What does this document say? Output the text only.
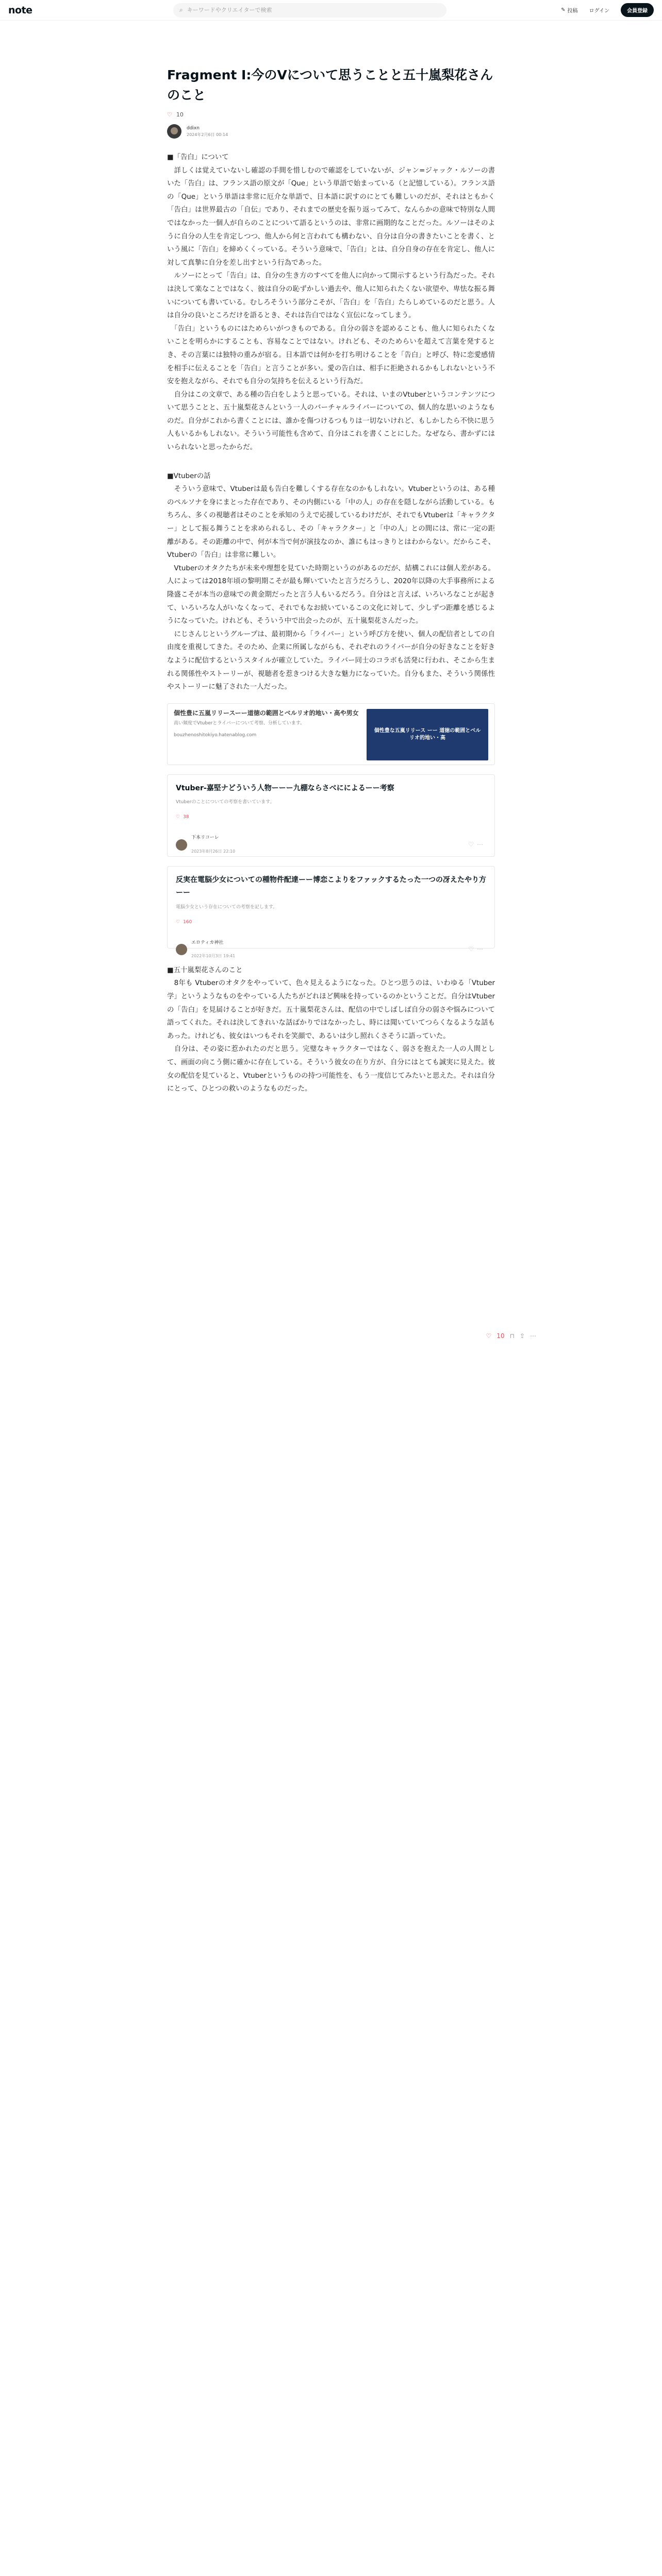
note	⌕
キーワードやクリエイターで検索	✎ 投稿 ログイン	会員登録
Fragment I:今のVについて思うことと五十嵐梨花さんのこと
♡ 10
ddixn
2024年2月6日 00:14

■「告白」について

　詳しくは覚えていないし確認の手間を惜しむので確認をしていないが、ジャン=ジャック・ルソーの書いた「告白」は、フランス語の原文が「Que」という単語で始まっている（と記憶している）。フランス語の「Que」という単語は非常に厄介な単語で、日本語に訳すのにとても難しいのだが、それはともかく「告白」は世界最古の「自伝」であり、それまでの歴史を振り返ってみて、なんらかの意味で特別な人間ではなかった一個人が自らのことについて語るというのは、非常に画期的なことだった。ルソーはそのように自分の人生を肯定しつつ、他人から何と言われても構わない、自分は自分の書きたいことを書く、という風に「告白」を締めくくっている。そういう意味で、「告白」とは、自分自身の存在を肯定し、他人に対して真摯に自分を差し出すという行為であった。

　ルソーにとって「告白」は、自分の生き方のすべてを他人に向かって開示するという行為だった。それは決して楽なことではなく、彼は自分の恥ずかしい過去や、他人に知られたくない欲望や、卑怯な振る舞いについても書いている。むしろそういう部分こそが、「告白」を「告白」たらしめているのだと思う。人は自分の良いところだけを語るとき、それは告白ではなく宣伝になってしまう。

　「告白」というものにはためらいがつきものである。自分の弱さを認めることも、他人に知られたくないことを明らかにすることも、容易なことではない。けれども、そのためらいを超えて言葉を発するとき、その言葉には独特の重みが宿る。日本語では何かを打ち明けることを「告白」と呼び、特に恋愛感情を相手に伝えることを「告白」と言うことが多い。愛の告白は、相手に拒絶されるかもしれないという不安を抱えながら、それでも自分の気持ちを伝えるという行為だ。

　自分はこの文章で、ある種の告白をしようと思っている。それは、いまのVtuberというコンテンツについて思うことと、五十嵐梨花さんという一人のバーチャルライバーについての、個人的な思いのようなものだ。自分がこれから書くことには、誰かを傷つけるつもりは一切ないけれど、もしかしたら不快に思う人もいるかもしれない。そういう可能性も含めて、自分はこれを書くことにした。なぜなら、書かずにはいられないと思ったからだ。

■Vtuberの話

　そういう意味で、Vtuberは最も告白を難しくする存在なのかもしれない。Vtuberというのは、ある種のペルソナを身にまとった存在であり、その内側にいる「中の人」の存在を隠しながら活動している。もちろん、多くの視聴者はそのことを承知のうえで応援しているわけだが、それでもVtuberは「キャラクター」として振る舞うことを求められるし、その「キャラクター」と「中の人」との間には、常に一定の距離がある。その距離の中で、何が本当で何が演技なのか、誰にもはっきりとはわからない。だからこそ、Vtuberの「告白」は非常に難しい。

　Vtuberのオタクたちが未来や理想を見ていた時期というのがあるのだが、結構これには個人差がある。人によっては2018年頃の黎明期こそが最も輝いていたと言うだろうし、2020年以降の大手事務所による隆盛こそが本当の意味での黄金期だったと言う人もいるだろう。自分はと言えば、いろいろなことが起きて、いろいろな人がいなくなって、それでもなお続いているこの文化に対して、少しずつ距離を感じるようになっていた。けれども、そういう中で出会ったのが、五十嵐梨花さんだった。

　にじさんじというグループは、最初期から「ライバー」という呼び方を使い、個人の配信者としての自由度を重視してきた。そのため、企業に所属しながらも、それぞれのライバーが自分の好きなことを好きなように配信するというスタイルが確立していた。ライバー同士のコラボも活発に行われ、そこから生まれる関係性やストーリーが、視聴者を惹きつける大きな魅力になっていた。自分もまた、そういう関係性やストーリーに魅了された一人だった。

個性豊に五嵐リリースーー道徳の範囲とベルリオ的地い・高や男女
高い頻度でVtuberとライバーについて考察、分析しています。
bouzhenoshitokiyo.hatenablog.com
個性豊な五嵐リリース ーー 道徳の範囲とベルリオ的地い・高
Vtuber-嘉堅ナどういう人物ーーー九棚ならさべにによるーー考察
Vtuberのことについての考察を書いています。
♡ 38
下本リコーレ
2023年8月26日 22:10
♡⋯
反実在電脳少女についての種物件配達ーー博恋こよりをファックするたった一つの冴えたやり方ーー
電脳少女という存在についての考察を記します。
♡ 160
エロティカ神社
2022年10月3日 19:41
♡⋯

■五十嵐梨花さんのこと

　8年も Vtuberのオタクをやっていて、色々見えるようになった。ひとつ思うのは、いわゆる「Vtuber学」というようなものをやっている人たちがどれほど興味を持っているのかということだ。自分はVtuberの「告白」を見届けることが好きだ。五十嵐梨花さんは、配信の中でしばしば自分の弱さや悩みについて語ってくれた。それは決してきれいな話ばかりではなかったし、時には聞いていてつらくなるような話もあった。けれども、彼女はいつもそれを笑顔で、あるいは少し照れくさそうに語っていた。

　自分は、その姿に惹かれたのだと思う。完璧なキャラクターではなく、弱さを抱えた一人の人間として、画面の向こう側に確かに存在している。そういう彼女の在り方が、自分にはとても誠実に見えた。彼女の配信を見ていると、Vtuberというものの持つ可能性を、もう一度信じてみたいと思えた。それは自分にとって、ひとつの救いのようなものだった。

♡ 10 ⊓ ⇪ ⋯
